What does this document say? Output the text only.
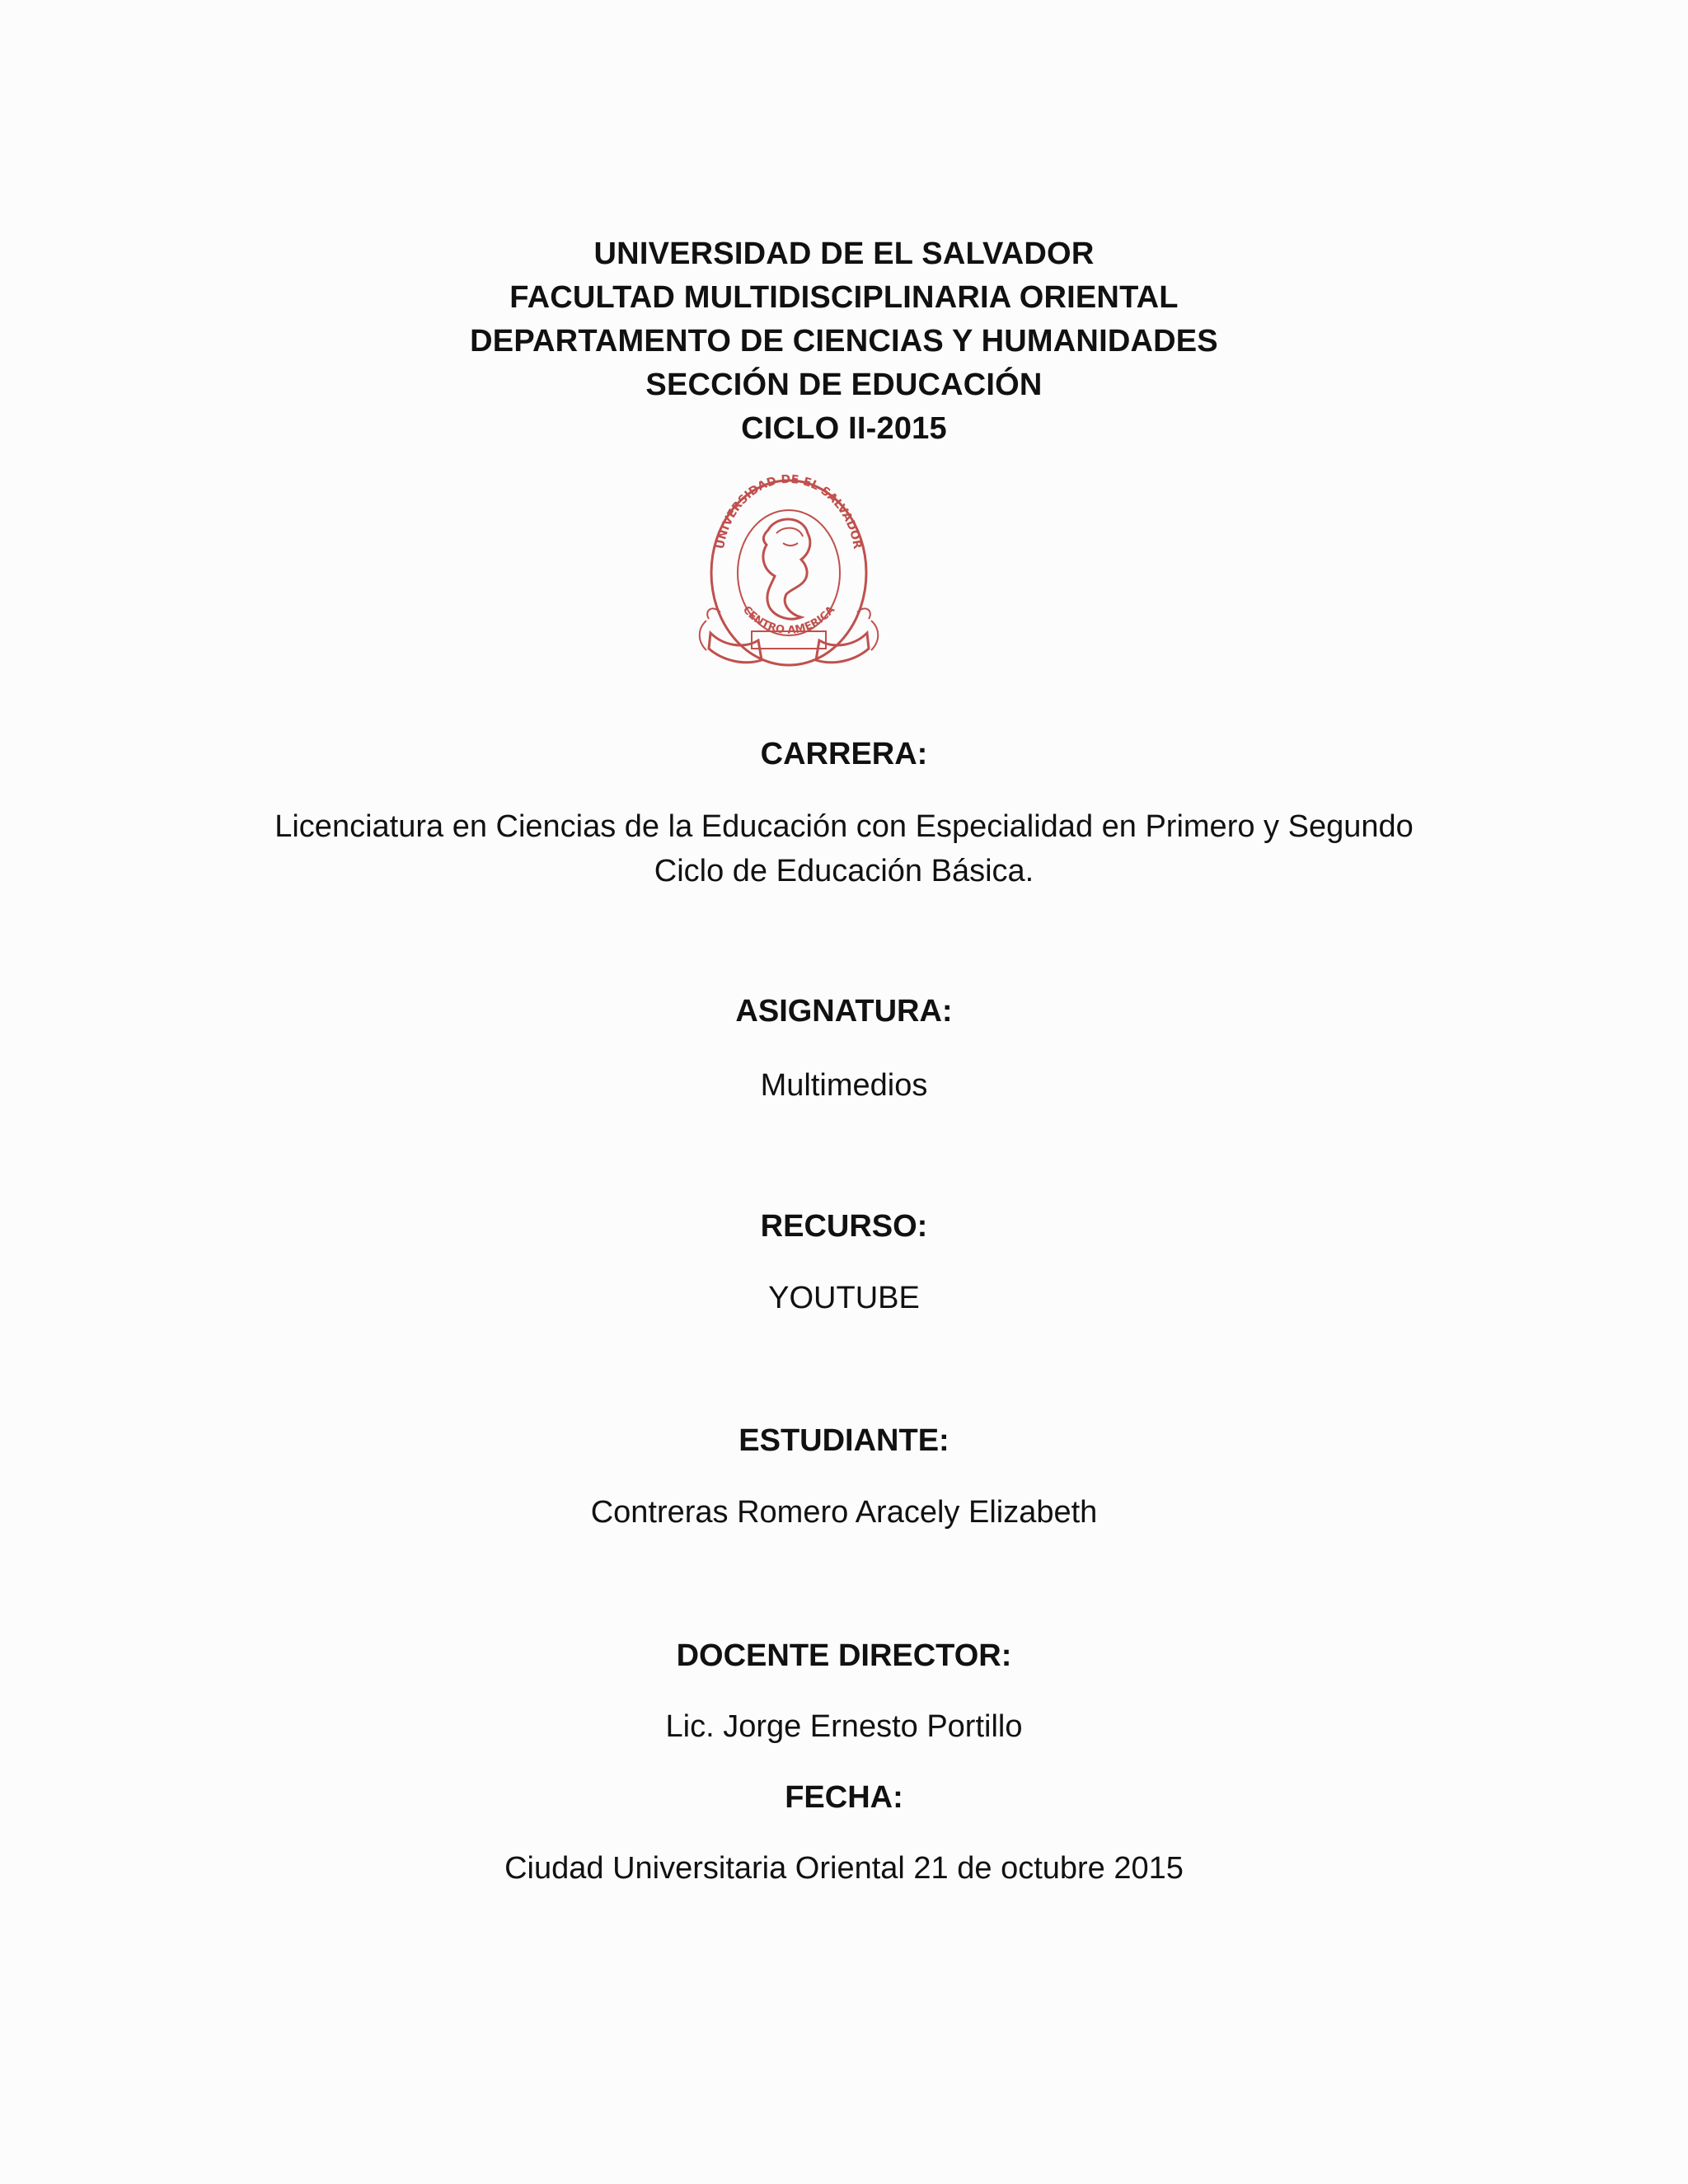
UNIVERSIDAD DE EL SALVADOR
FACULTAD MULTIDISCIPLINARIA ORIENTAL
DEPARTAMENTO DE CIENCIAS Y HUMANIDADES
SECCIÓN DE EDUCACIÓN
CICLO II-2015
UNIVERSIDAD DE EL SALVADOR
CENTRO AMERICA
CARRERA:
Licenciatura en Ciencias de la Educación con Especialidad en Primero y Segundo
Ciclo de Educación Básica.
ASIGNATURA:
Multimedios
RECURSO:
YOUTUBE
ESTUDIANTE:
Contreras Romero Aracely Elizabeth
DOCENTE DIRECTOR:
Lic. Jorge Ernesto Portillo
FECHA:
Ciudad Universitaria Oriental 21 de octubre 2015
